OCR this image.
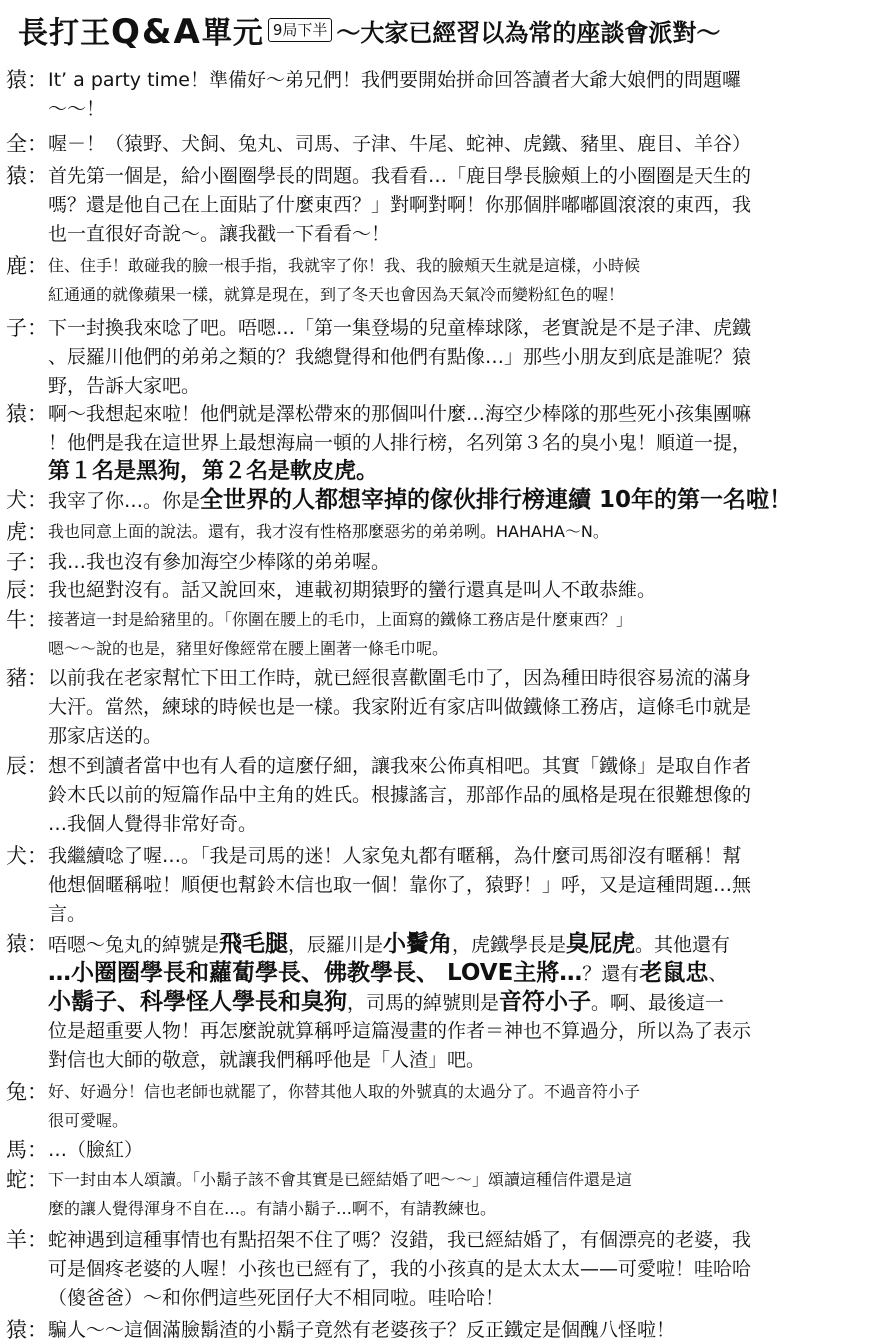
長打王Q&A單元 9局下半 ～大家已經習以為常的座談會派對～
猿： It’ a party time！準備好～弟兄們！我們要開始拼命回答讀者大爺大娘們的問題囉
～～！
全： 喔－！（猿野、犬飼、兔丸、司馬、子津、牛尾、蛇神、虎鐵、豬里、鹿目、羊谷）
猿： 首先第一個是，給小圈圈學長的問題。我看看…「鹿目學長臉頰上的小圈圈是天生的
嗎？還是他自己在上面貼了什麼東西？」對啊對啊！你那個胖嘟嘟圓滾滾的東西，我
也一直很好奇說～。讓我戳一下看看～！
鹿： 住、住手！敢碰我的臉一根手指，我就宰了你！我、我的臉頰天生就是這樣，小時候
紅通通的就像蘋果一樣，就算是現在，到了冬天也會因為天氣冷而變粉紅色的喔！
子： 下一封換我來唸了吧。唔嗯…「第一集登場的兒童棒球隊，老實說是不是子津、虎鐵
、辰羅川他們的弟弟之類的？我總覺得和他們有點像…」那些小朋友到底是誰呢？猿
野，告訴大家吧。
猿： 啊～我想起來啦！他們就是澤松帶來的那個叫什麼…海空少棒隊的那些死小孩集團嘛
！他們是我在這世界上最想海扁一頓的人排行榜，名列第３名的臭小鬼！順道一提，
第１名是黑狗，第２名是軟皮虎。
犬： 我宰了你…。你是全世界的人都想宰掉的傢伙排行榜連續 10年的第一名啦！
虎： 我也同意上面的說法。還有，我才沒有性格那麼惡劣的弟弟咧。HAHAHA～N。
子： 我…我也沒有參加海空少棒隊的弟弟喔。
辰： 我也絕對沒有。話又說回來，連載初期猿野的蠻行還真是叫人不敢恭維。
牛： 接著這一封是給豬里的。「你圍在腰上的毛巾，上面寫的鐵條工務店是什麼東西？」
嗯～～說的也是，豬里好像經常在腰上圍著一條毛巾呢。
豬： 以前我在老家幫忙下田工作時，就已經很喜歡圍毛巾了，因為種田時很容易流的滿身
大汗。當然，練球的時候也是一樣。我家附近有家店叫做鐵條工務店，這條毛巾就是
那家店送的。
辰： 想不到讀者當中也有人看的這麼仔細，讓我來公佈真相吧。其實「鐵條」是取自作者
鈴木氏以前的短篇作品中主角的姓氏。根據謠言，那部作品的風格是現在很難想像的
…我個人覺得非常好奇。
犬： 我繼續唸了喔…。「我是司馬的迷！人家兔丸都有暱稱，為什麼司馬卻沒有暱稱！幫
他想個暱稱啦！順便也幫鈴木信也取一個！靠你了，猿野！」呼，又是這種問題…無
言。
猿： 唔嗯～兔丸的綽號是飛毛腿，辰羅川是小鬢角，虎鐵學長是臭屁虎。其他還有
…小圈圈學長和蘿蔔學長、佛教學長、 LOVE主將…？還有老鼠忠、
小鬍子、科學怪人學長和臭狗，司馬的綽號則是音符小子。啊、最後這一
位是超重要人物！再怎麼說就算稱呼這篇漫畫的作者＝神也不算過分，所以為了表示
對信也大師的敬意，就讓我們稱呼他是「人渣」吧。
兔： 好、好過分！信也老師也就罷了，你替其他人取的外號真的太過分了。不過音符小子
很可愛喔。
馬： …（臉紅）
蛇： 下一封由本人頌讀。「小鬍子該不會其實是已經結婚了吧～～」頌讀這種信件還是這
麼的讓人覺得渾身不自在…。有請小鬍子…啊不，有請教練也。
羊： 蛇神遇到這種事情也有點招架不住了嗎？沒錯，我已經結婚了，有個漂亮的老婆，我
可是個疼老婆的人喔！小孩也已經有了，我的小孩真的是太太太——可愛啦！哇哈哈
（傻爸爸）～和你們這些死囝仔大不相同啦。哇哈哈！
猿： 騙人～～這個滿臉鬍渣的小鬍子竟然有老婆孩子？反正鐵定是個醜八怪啦！
